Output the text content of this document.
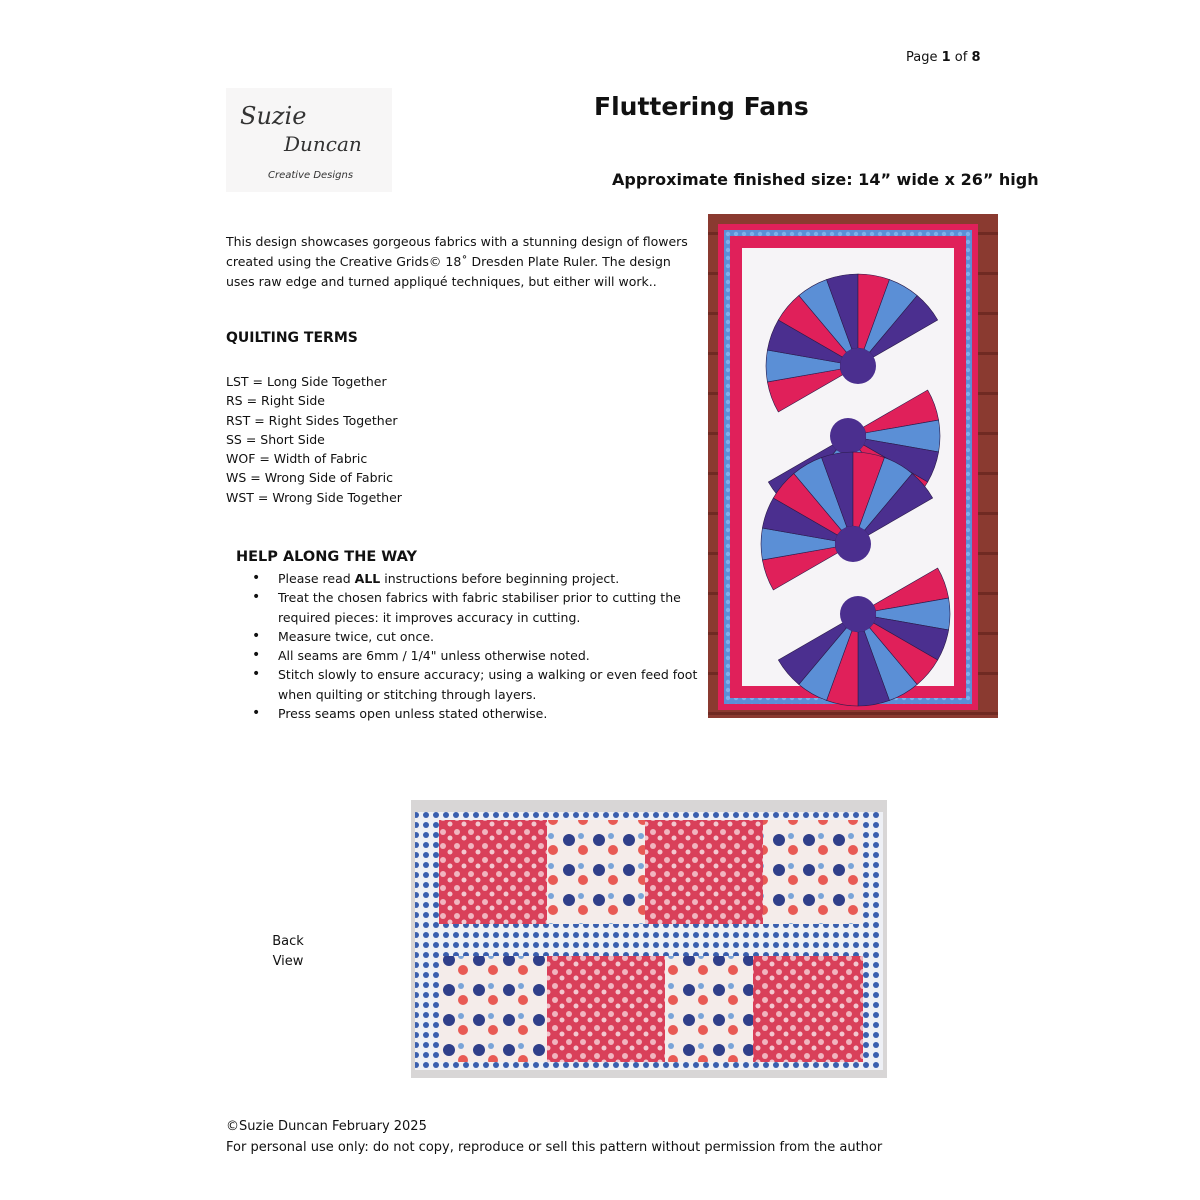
Page 1 of 8
Suzie
Duncan
Creative Designs
Fluttering Fans
Approximate finished size: 14” wide x 26” high
This design showcases gorgeous fabrics with a stunning design of flowers created using the Creative Grids© 18˚ Dresden Plate Ruler. The design uses raw edge and turned appliqué techniques, but either will work..
QUILTING TERMS
LST = Long Side Together
RS = Right Side
RST = Right Sides Together
SS = Short Side
WOF = Width of Fabric
WS = Wrong Side of Fabric
WST = Wrong Side Together
HELP ALONG THE WAY
• Please read ALL instructions before beginning project.
• Treat the chosen fabrics with fabric stabiliser prior to cutting the required pieces: it improves accuracy in cutting.
• Measure twice, cut once.
• All seams are 6mm / 1/4" unless otherwise noted.
• Stitch slowly to ensure accuracy; using a walking or even feed foot when quilting or stitching through layers.
• Press seams open unless stated otherwise.
Back
View
©Suzie Duncan February 2025
For personal use only: do not copy, reproduce or sell this pattern without permission from the author
